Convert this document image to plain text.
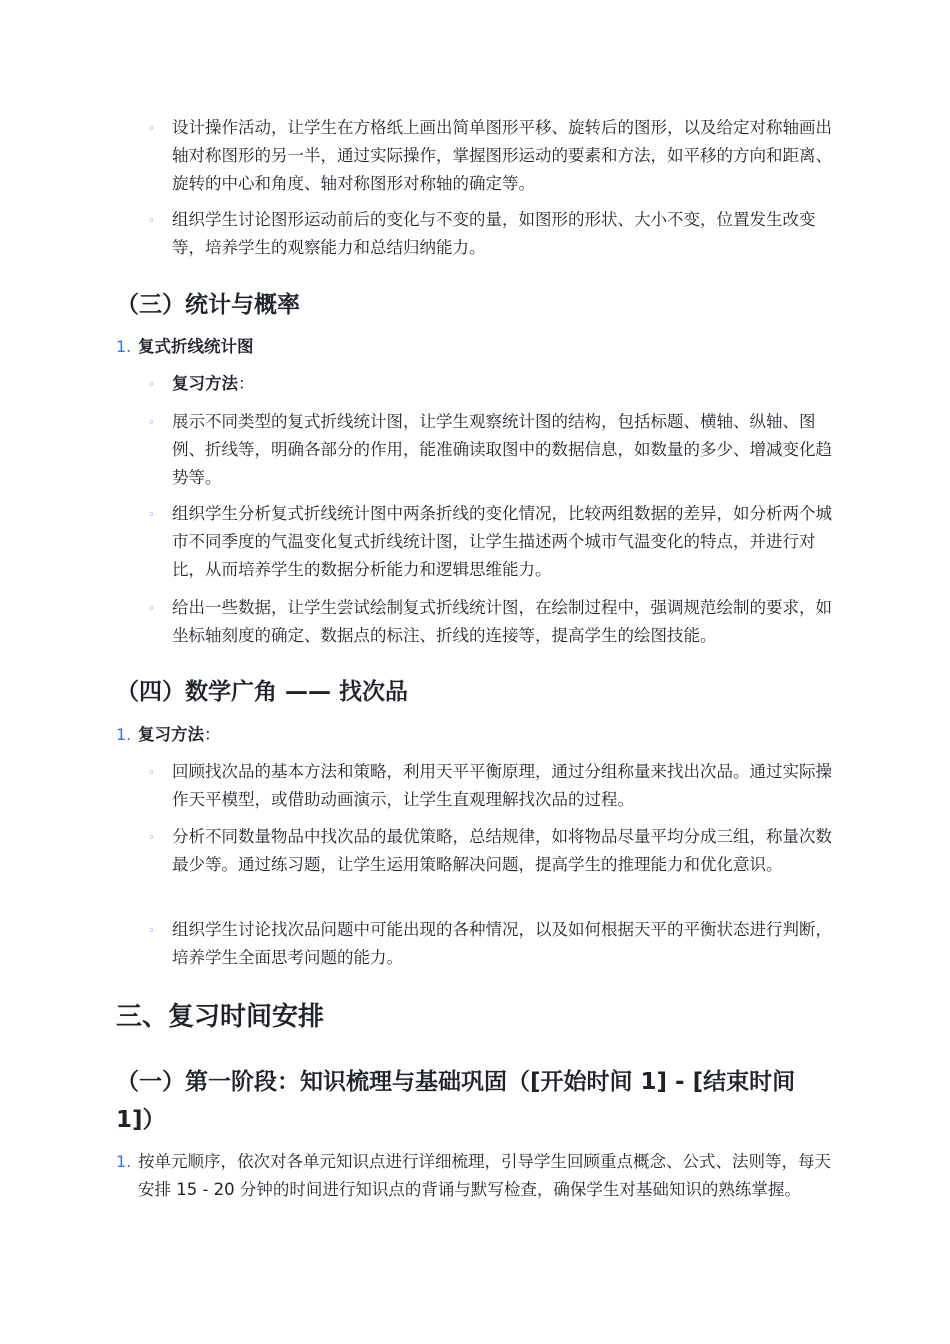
◦ 设计操作活动，让学生在方格纸上画出简单图形平移、旋转后的图形，以及给定对称轴画出轴对称图形的另一半，通过实际操作，掌握图形运动的要素和方法，如平移的方向和距离、旋转的中心和角度、轴对称图形对称轴的确定等。
◦ 组织学生讨论图形运动前后的变化与不变的量，如图形的形状、大小不变，位置发生改变等，培养学生的观察能力和总结归纳能力。
（三）统计与概率
1. 复式折线统计图
◦ 复习方法：
◦ 展示不同类型的复式折线统计图，让学生观察统计图的结构，包括标题、横轴、纵轴、图例、折线等，明确各部分的作用，能准确读取图中的数据信息，如数量的多少、增减变化趋势等。
◦ 组织学生分析复式折线统计图中两条折线的变化情况，比较两组数据的差异，如分析两个城市不同季度的气温变化复式折线统计图，让学生描述两个城市气温变化的特点，并进行对比，从而培养学生的数据分析能力和逻辑思维能力。
◦ 给出一些数据，让学生尝试绘制复式折线统计图，在绘制过程中，强调规范绘制的要求，如坐标轴刻度的确定、数据点的标注、折线的连接等，提高学生的绘图技能。
（四）数学广角 —— 找次品
1. 复习方法：
◦ 回顾找次品的基本方法和策略，利用天平平衡原理，通过分组称量来找出次品。通过实际操作天平模型，或借助动画演示，让学生直观理解找次品的过程。
◦ 分析不同数量物品中找次品的最优策略，总结规律，如将物品尽量平均分成三组，称量次数最少等。通过练习题，让学生运用策略解决问题，提高学生的推理能力和优化意识。
◦ 组织学生讨论找次品问题中可能出现的各种情况，以及如何根据天平的平衡状态进行判断，培养学生全面思考问题的能力。
三、复习时间安排
（一）第一阶段：知识梳理与基础巩固（[开始时间 1] - [结束时间 1]）
1. 按单元顺序，依次对各单元知识点进行详细梳理，引导学生回顾重点概念、公式、法则等，每天安排 15 - 20 分钟的时间进行知识点的背诵与默写检查，确保学生对基础知识的熟练掌握。
